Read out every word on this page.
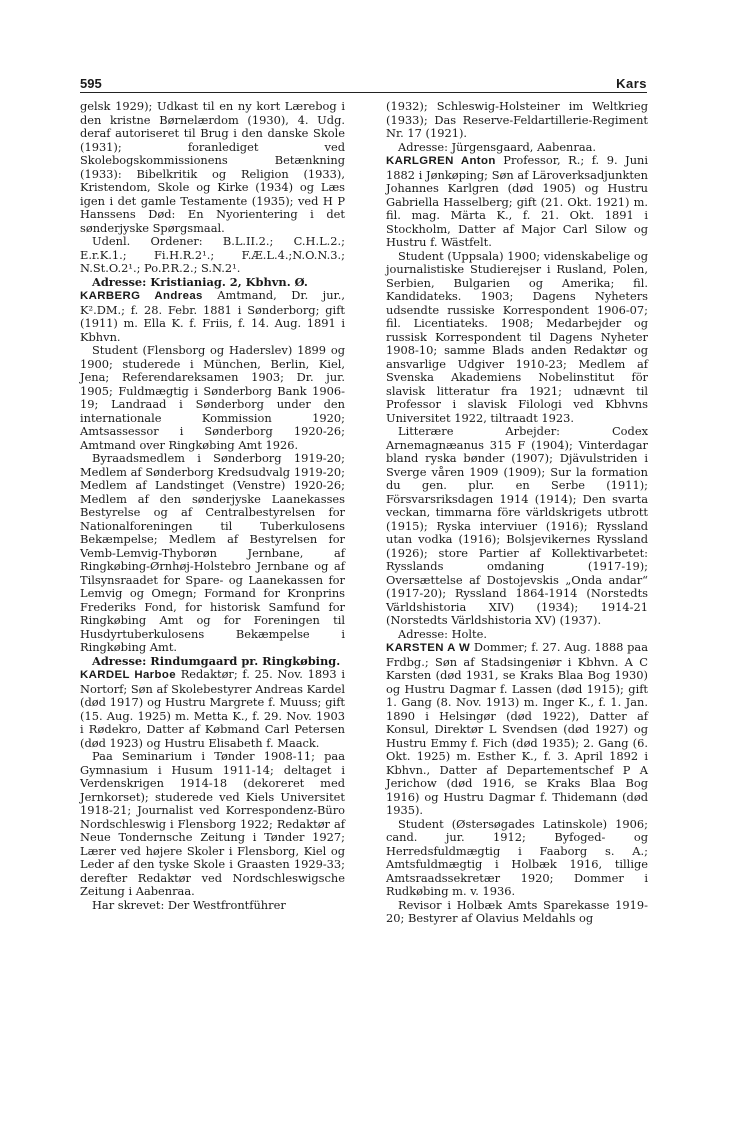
595	Kars

gelsk 1929); Udkast til en ny kort Lærebog i den kristne Børnelærdom (1930), 4. Udg. deraf autoriseret til Brug i den danske Skole (1931); foranlediget ved Skolebogskommissionens Betænkning (1933): Bibelkritik og Religion (1933), Kristendom, Skole og Kirke (1934) og Læs igen i det gamle Testamente (1935); ved H P Hanssens Død: En Nyorientering i det sønderjyske Spørgsmaal.

Udenl. Ordener: B.L.II.2.; C.H.L.2.; E.r.K.1.; Fi.H.R.2¹.; F.Æ.L.4.;N.O.N.3.; N.St.O.2¹.; Po.P.R.2.; S.N.2¹.

Adresse: Kristianiag. 2, Kbhvn. Ø.

KARBERG Andreas Amtmand, Dr. jur., K².DM.; f. 28. Febr. 1881 i Sønderborg; gift (1911) m. Ella K. f. Friis, f. 14. Aug. 1891 i Kbhvn.

Student (Flensborg og Haderslev) 1899 og 1900; studerede i München, Berlin, Kiel, Jena; Referendareksamen 1903; Dr. jur. 1905; Fuldmægtig i Sønderborg Bank 1906-19; Landraad i Sønderborg under den internationale Kommission 1920; Amtsassessor i Sønderborg 1920-26; Amtmand over Ringkøbing Amt 1926.

Byraadsmedlem i Sønderborg 1919-20; Medlem af Sønderborg Kredsudvalg 1919-20; Medlem af Landstinget (Venstre) 1920-26; Medlem af den sønderjyske Laanekasses Bestyrelse og af Centralbestyrelsen for Nationalforeningen til Tuberkulosens Bekæmpelse; Medlem af Bestyrelsen for Vemb-Lemvig-Thyborøn Jernbane, af Ringkøbing-Ørnhøj-Holstebro Jernbane og af Tilsynsraadet for Spare- og Laanekassen for Lemvig og Omegn; Formand for Kronprins Frederiks Fond, for historisk Samfund for Ringkøbing Amt og for Foreningen til Husdyrtuberkulosens Bekæmpelse i Ringkøbing Amt.

Adresse: Rindumgaard pr. Ringkøbing.

KARDEL Harboe Redaktør; f. 25. Nov. 1893 i Nortorf; Søn af Skolebestyrer Andreas Kardel (død 1917) og Hustru Margrete f. Muuss; gift (15. Aug. 1925) m. Metta K., f. 29. Nov. 1903 i Rødekro, Datter af Købmand Carl Petersen (død 1923) og Hustru Elisabeth f. Maack.

Paa Seminarium i Tønder 1908-11; paa Gymnasium i Husum 1911-14; deltaget i Verdenskrigen 1914-18 (dekoreret med Jernkorset); studerede ved Kiels Universitet 1918-21; Journalist ved Korrespondenz-Büro Nordschleswig i Flensborg 1922; Redaktør af Neue Tondernsche Zeitung i Tønder 1927; Lærer ved højere Skoler i Flensborg, Kiel og Leder af den tyske Skole i Graasten 1929-33; derefter Redaktør ved Nordschleswigsche Zeitung i Aabenraa.

Har skrevet: Der Westfrontführer

(1932); Schleswig-Holsteiner im Weltkrieg (1933); Das Reserve-Feldartillerie-Regiment Nr. 17 (1921).

Adresse: Jürgensgaard, Aabenraa.

KARLGREN Anton Professor, R.; f. 9. Juni 1882 i Jønkøping; Søn af Läroverksadjunkten Johannes Karlgren (død 1905) og Hustru Gabriella Hasselberg; gift (21. Okt. 1921) m. fil. mag. Märta K., f. 21. Okt. 1891 i Stockholm, Datter af Major Carl Silow og Hustru f. Wästfelt.

Student (Uppsala) 1900; videnskabelige og journalistiske Studierejser i Rusland, Polen, Serbien, Bulgarien og Amerika; fil. Kandidateks. 1903; Dagens Nyheters udsendte russiske Korrespondent 1906-07; fil. Licentiateks. 1908; Medarbejder og russisk Korrespondent til Dagens Nyheter 1908-10; samme Blads anden Redaktør og ansvarlige Udgiver 1910-23; Medlem af Svenska Akademiens Nobelinstitut för slavisk litteratur fra 1921; udnævnt til Professor i slavisk Filologi ved Kbhvns Universitet 1922, tiltraadt 1923.

Litterære Arbejder: Codex Arnemagnæanus 315 F (1904); Vinterdagar bland ryska bønder (1907); Djävulstriden i Sverge våren 1909 (1909); Sur la formation du gen. plur. en Serbe (1911); Försvarsriksdagen 1914 (1914); Den svarta veckan, timmarna före världskrigets utbrott (1915); Ryska interviuer (1916); Ryssland utan vodka (1916); Bolsjevikernes Ryssland (1926); store Partier af Kollektivarbetet: Rysslands omdaning (1917-19); Oversættelse af Dostojevskis „Onda andar“ (1917-20); Ryssland 1864-1914 (Norstedts Världshistoria XIV) (1934); 1914-21 (Norstedts Världshistoria XV) (1937).

Adresse: Holte.

KARSTEN A W Dommer; f. 27. Aug. 1888 paa Frdbg.; Søn af Stadsingeniør i Kbhvn. A C Karsten (død 1931, se Kraks Blaa Bog 1930) og Hustru Dagmar f. Lassen (død 1915); gift 1. Gang (8. Nov. 1913) m. Inger K., f. 1. Jan. 1890 i Helsingør (død 1922), Datter af Konsul, Direktør L Svendsen (død 1927) og Hustru Emmy f. Fich (død 1935); 2. Gang (6. Okt. 1925) m. Esther K., f. 3. April 1892 i Kbhvn., Datter af Departementschef P A Jerichow (død 1916, se Kraks Blaa Bog 1916) og Hustru Dagmar f. Thidemann (død 1935).

Student (Østersøgades Latinskole) 1906; cand. jur. 1912; Byfoged- og Herredsfuldmægtig i Faaborg s. A.; Amtsfuldmægtig i Holbæk 1916, tillige Amtsraadssekretær 1920; Dommer i Rudkøbing m. v. 1936.

Revisor i Holbæk Amts Sparekasse 1919-20; Bestyrer af Olavius Meldahls og
